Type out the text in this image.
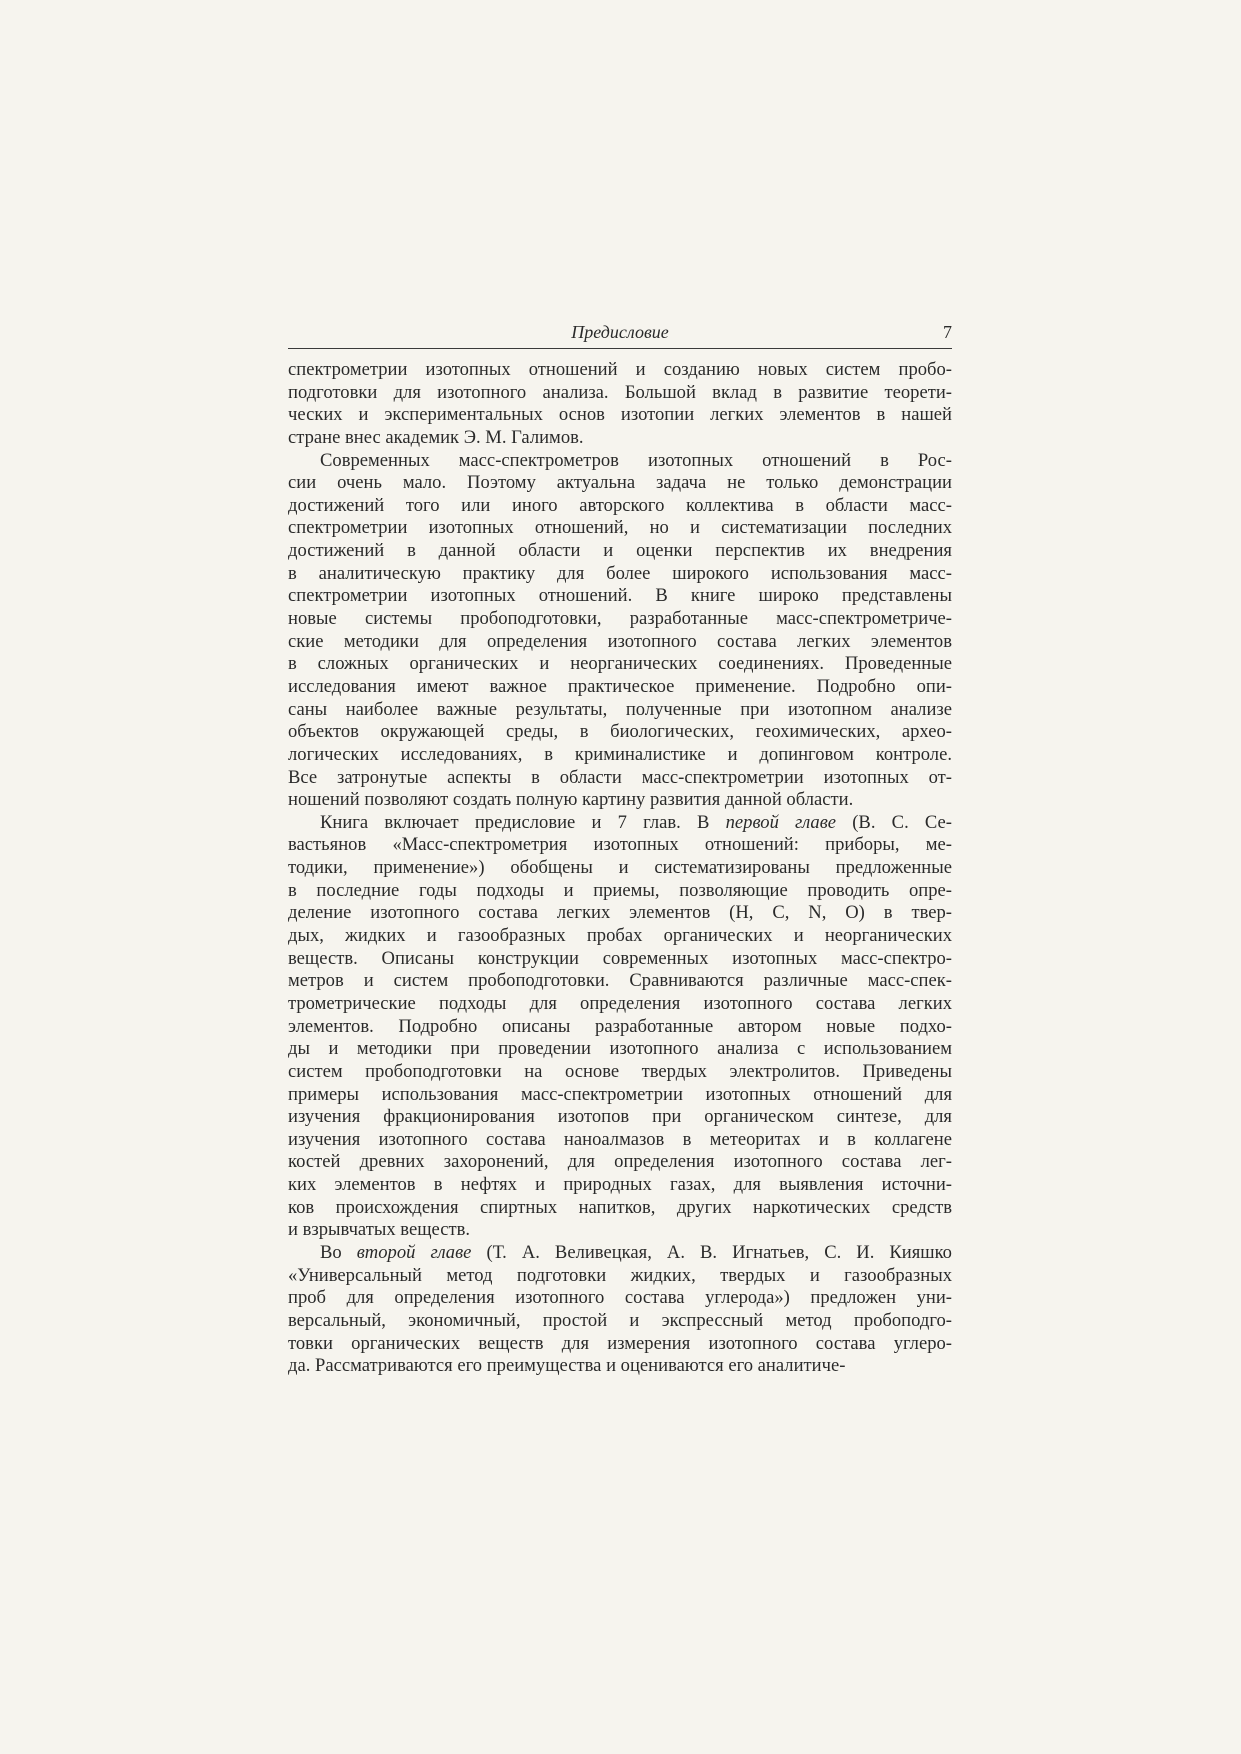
Предисловие	7
спектрометрии изотопных отношений и созданию новых систем пробо-
подготовки для изотопного анализа. Большой вклад в развитие теорети-
ческих и экспериментальных основ изотопии легких элементов в нашей
стране внес академик Э. М. Галимов.
Современных масс-спектрометров изотопных отношений в Рос-
сии очень мало. Поэтому актуальна задача не только демонстрации
достижений того или иного авторского коллектива в области масс-
спектрометрии изотопных отношений, но и систематизации последних
достижений в данной области и оценки перспектив их внедрения
в аналитическую практику для более широкого использования масс-
спектрометрии изотопных отношений. В книге широко представлены
новые системы пробоподготовки, разработанные масс-спектрометриче-
ские методики для определения изотопного состава легких элементов
в сложных органических и неорганических соединениях. Проведенные
исследования имеют важное практическое применение. Подробно опи-
саны наиболее важные результаты, полученные при изотопном анализе
объектов окружающей среды, в биологических, геохимических, архео-
логических исследованиях, в криминалистике и допинговом контроле.
Все затронутые аспекты в области масс-спектрометрии изотопных от-
ношений позволяют создать полную картину развития данной области.
Книга включает предисловие и 7 глав. В первой главе (В. С. Се-
вастьянов «Масс-спектрометрия изотопных отношений: приборы, ме-
тодики, применение») обобщены и систематизированы предложенные
в последние годы подходы и приемы, позволяющие проводить опре-
деление изотопного состава легких элементов (H, C, N, O) в твер-
дых, жидких и газообразных пробах органических и неорганических
веществ. Описаны конструкции современных изотопных масс-спектро-
метров и систем пробоподготовки. Сравниваются различные масс-спек-
трометрические подходы для определения изотопного состава легких
элементов. Подробно описаны разработанные автором новые подхо-
ды и методики при проведении изотопного анализа с использованием
систем пробоподготовки на основе твердых электролитов. Приведены
примеры использования масс-спектрометрии изотопных отношений для
изучения фракционирования изотопов при органическом синтезе, для
изучения изотопного состава наноалмазов в метеоритах и в коллагене
костей древних захоронений, для определения изотопного состава лег-
ких элементов в нефтях и природных газах, для выявления источни-
ков происхождения спиртных напитков, других наркотических средств
и взрывчатых веществ.
Во второй главе (Т. А. Веливецкая, А. В. Игнатьев, С. И. Кияшко
«Универсальный метод подготовки жидких, твердых и газообразных
проб для определения изотопного состава углерода») предложен уни-
версальный, экономичный, простой и экспрессный метод пробоподго-
товки органических веществ для измерения изотопного состава углеро-
да. Рассматриваются его преимущества и оцениваются его аналитиче-
